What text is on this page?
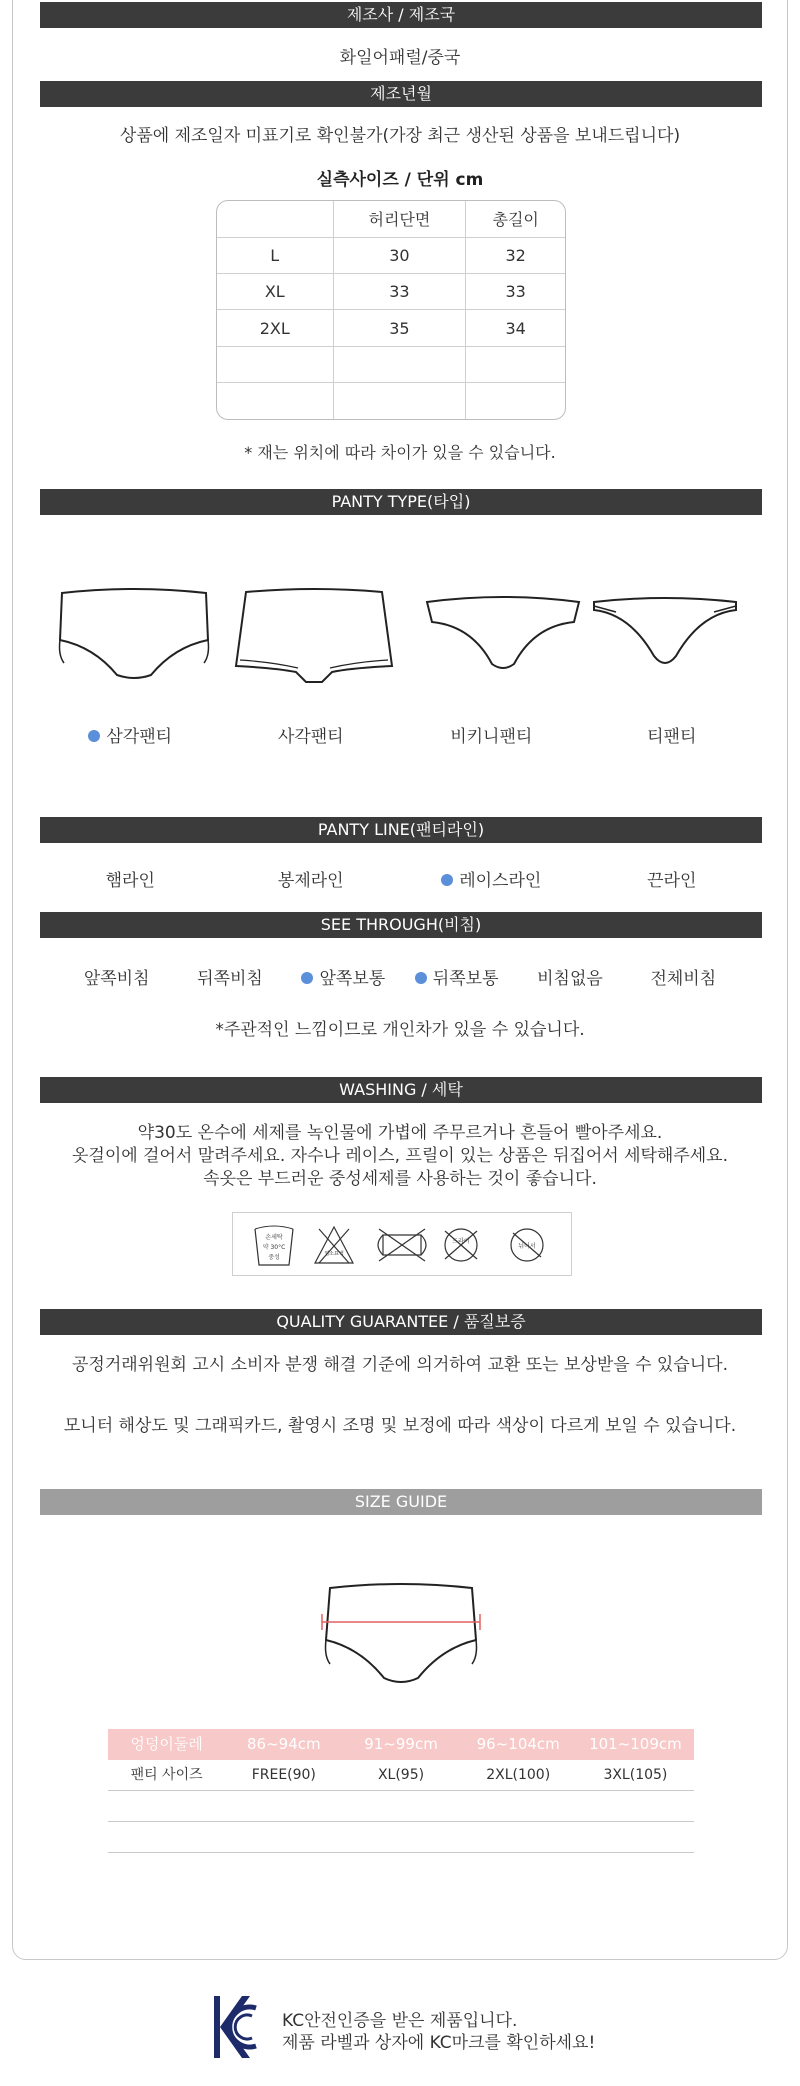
제조사 / 제조국
화일어패럴/중국
제조년월
상품에 제조일자 미표기로 확인불가(가장 최근 생산된 상품을 보내드립니다)
실측사이즈 / 단위 cm
	허리단면	총길이
L	30	32
XL	33	33
2XL	35	34

* 재는 위치에 따라 차이가 있을 수 있습니다.
PANTY TYPE(타입)
삼각팬티	사각팬티	비키니팬티	티팬티
PANTY LINE(팬티라인)
햄라인	봉제라인	레이스라인	끈라인
SEE THROUGH(비침)
앞쪽비침	뒤쪽비침	앞쪽보통	뒤쪽보통	비침없음	전체비침
*주관적인 느낌이므로 개인차가 있을 수 있습니다.
WASHING / 세탁
약30도 온수에 세제를 녹인물에 가볍에 주무르거나 흔들어 빨아주세요.
옷걸이에 걸어서 말려주세요. 자수나 레이스, 프릴이 있는 상품은 뒤집어서 세탁해주세요.
속옷은 부드러운 중성세제를 사용하는 것이 좋습니다.
손세탁
약 30°C
중성	염소표백
드라이
뉘어서
QUALITY GUARANTEE / 품질보증
공정거래위원회 고시 소비자 분쟁 해결 기준에 의거하여 교환 또는 보상받을 수 있습니다.
모니터 해상도 및 그래픽카드, 촬영시 조명 및 보정에 따라 색상이 다르게 보일 수 있습니다.
SIZE GUIDE
엉덩이둘레	86~94cm	91~99cm	96~104cm	101~109cm
팬티 사이즈	FREE(90)	XL(95)	2XL(100)	3XL(105)
KC안전인증을 받은 제품입니다.
제품 라벨과 상자에 KC마크를 확인하세요!
